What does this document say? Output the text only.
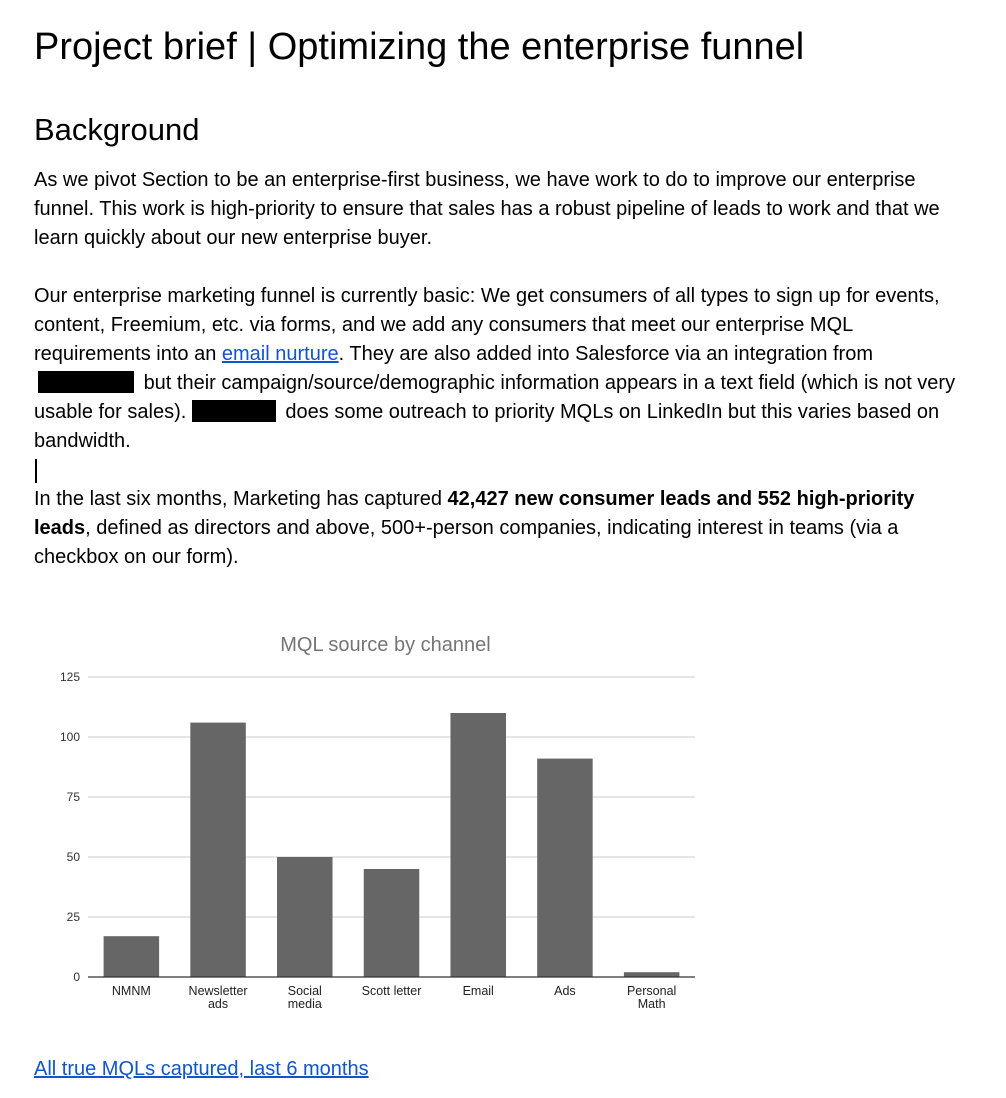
Project brief | Optimizing the enterprise funnel
Background

As we pivot Section to be an enterprise-first business, we have work to do to improve our enterprise funnel. This work is high-priority to ensure that sales has a robust pipeline of leads to work and that we learn quickly about our new enterprise buyer.

Our enterprise marketing funnel is currently basic: We get consumers of all types to sign up for events, content, Freemium, etc. via forms, and we add any consumers that meet our enterprise MQL requirements into an email nurture. They are also added into Salesforce via an integration from  but their campaign/source/demographic information appears in a text field (which is not very usable for sales).	does some outreach to priority MQLs on LinkedIn but this varies based on bandwidth.

In the last six months, Marketing has captured 42,427 new consumer leads and 552 high-priority leads, defined as directors and above, 500+-person companies, indicating interest in teams (via a checkbox on our form).

All true MQLs captured, last 6 months
MQL source by channel
0
25
50
75
100
125
NMNM	Newsletter ads
Social media
Scott letter	Email	Ads	Personal Math
